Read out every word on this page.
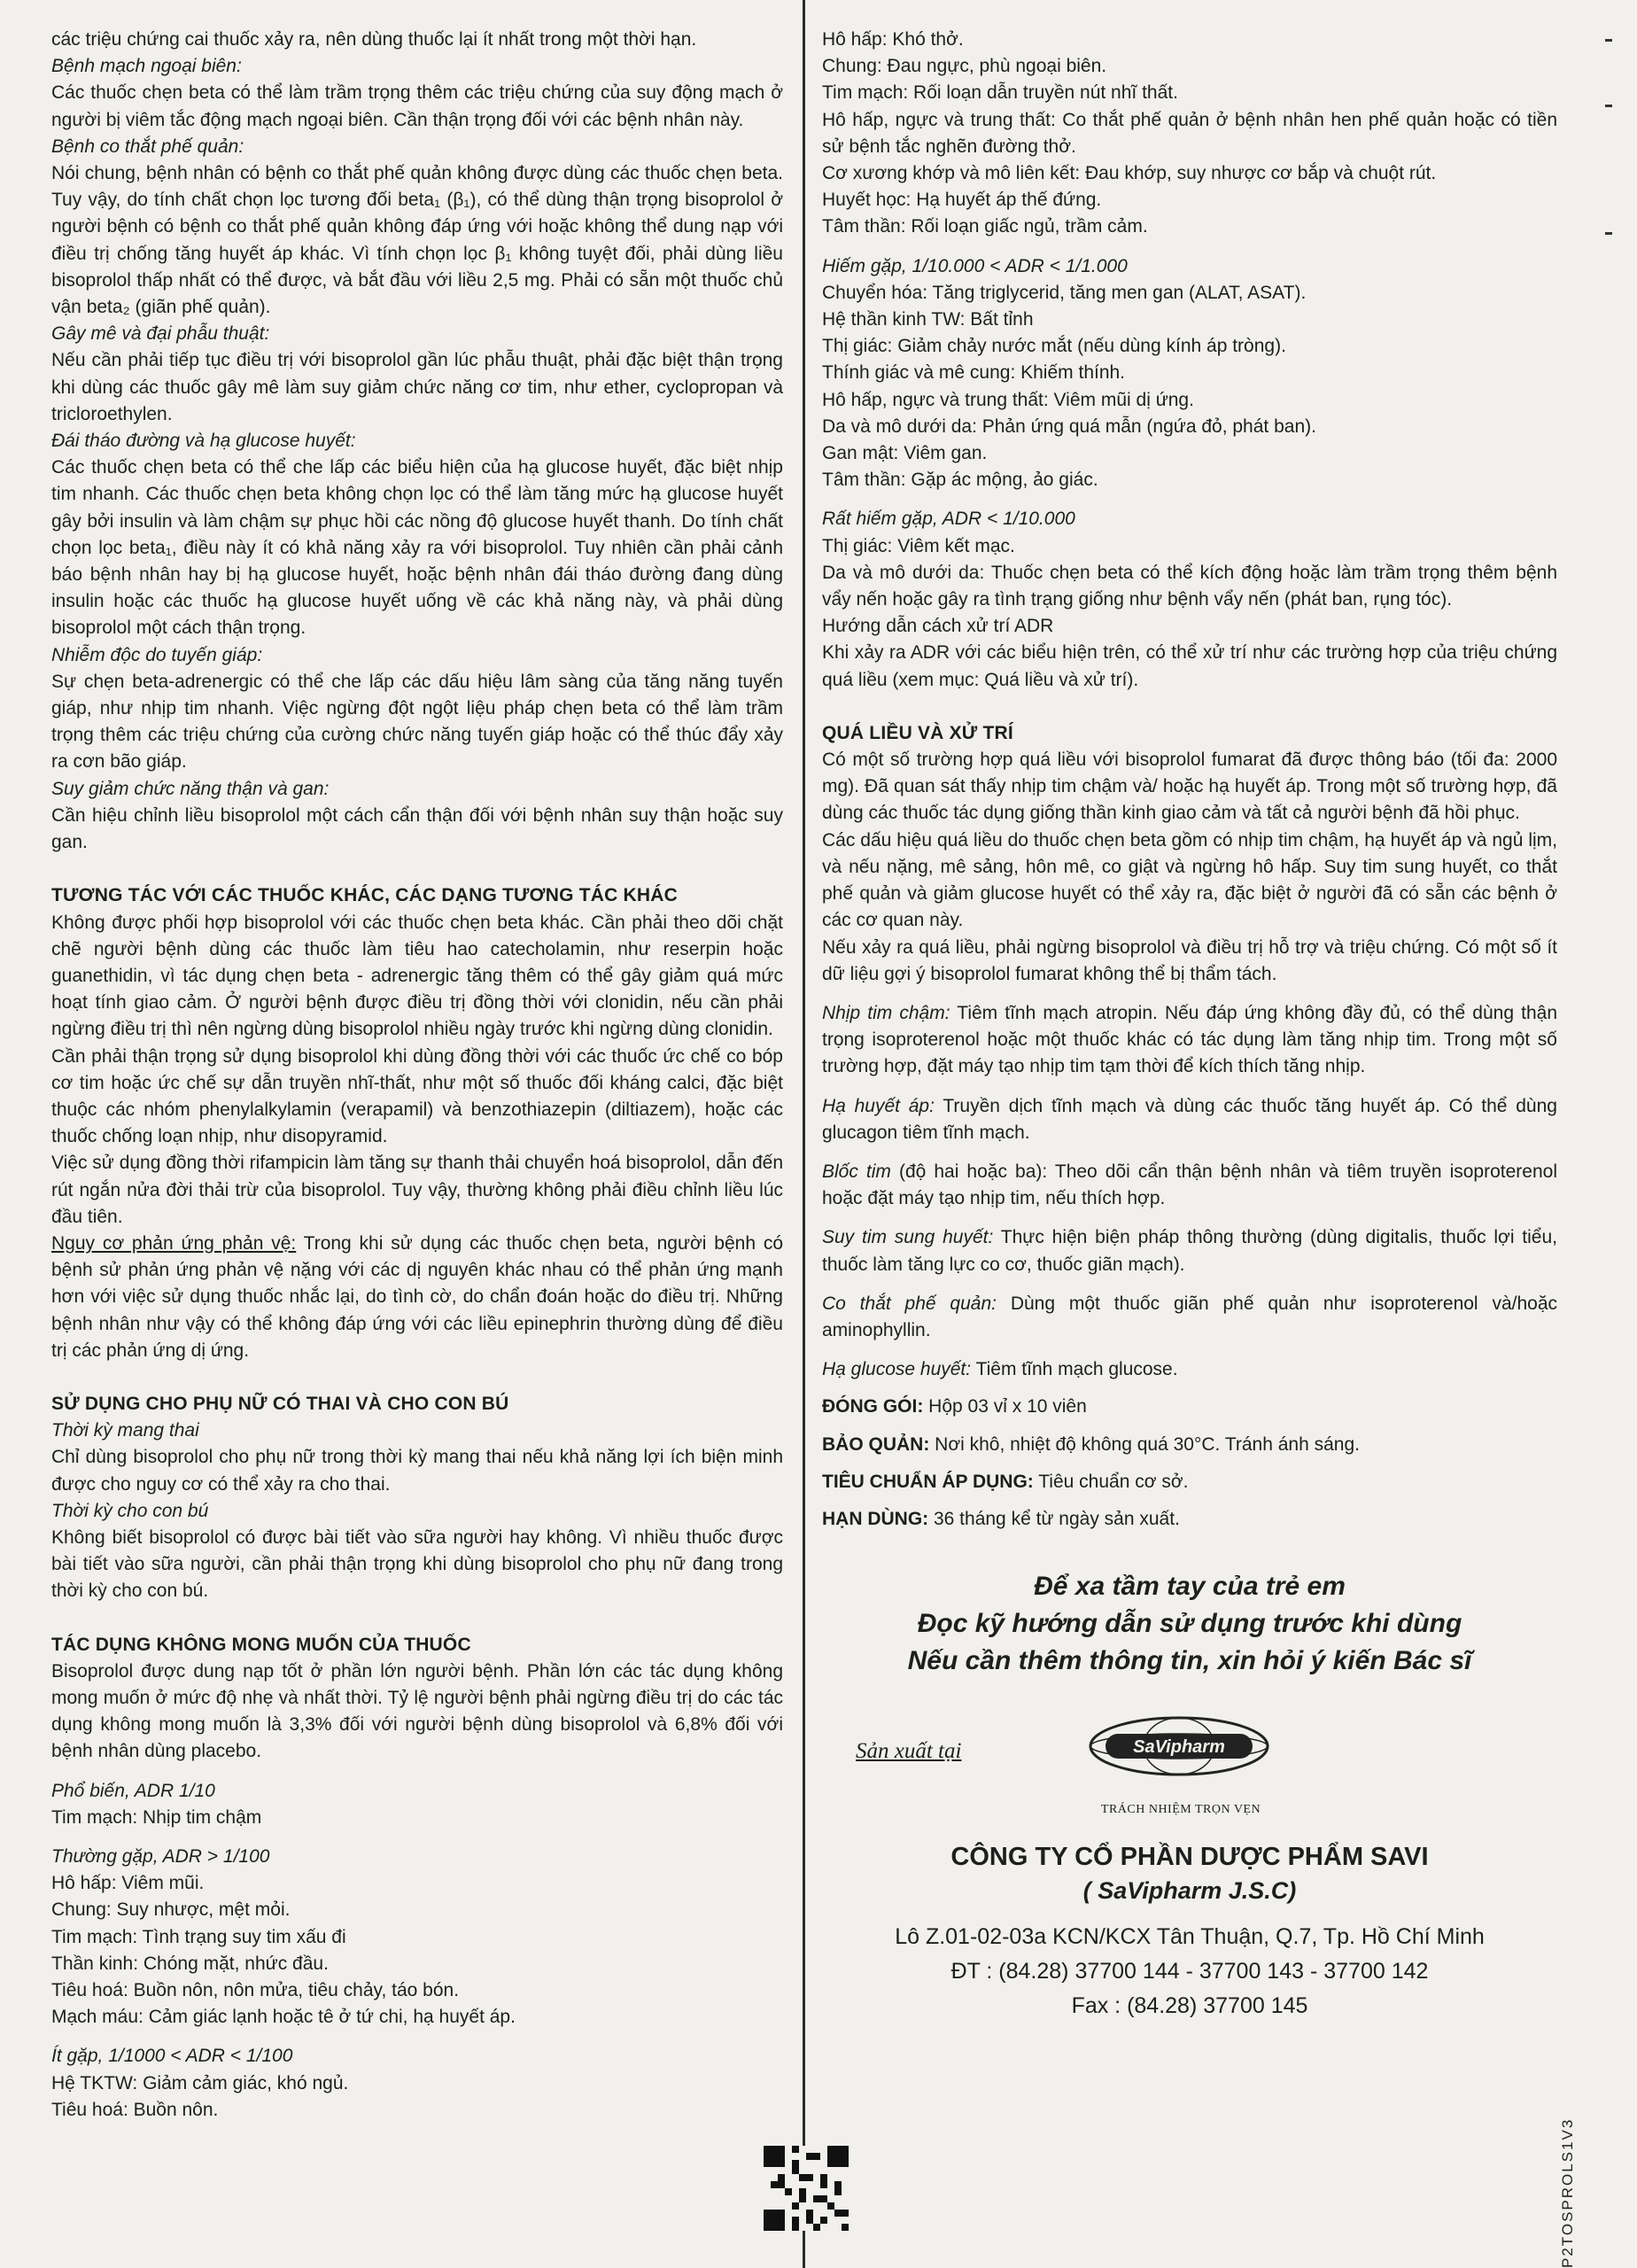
các triệu chứng cai thuốc xảy ra, nên dùng thuốc lại ít nhất trong một thời hạn.

Bệnh mạch ngoại biên:

Các thuốc chẹn beta có thể làm trầm trọng thêm các triệu chứng của suy động mạch ở người bị viêm tắc động mạch ngoại biên. Cần thận trọng đối với các bệnh nhân này.

Bệnh co thắt phế quản:

Nói chung, bệnh nhân có bệnh co thắt phế quản không được dùng các thuốc chẹn beta. Tuy vậy, do tính chất chọn lọc tương đối beta₁ (β₁), có thể dùng thận trọng bisoprolol ở người bệnh có bệnh co thắt phế quản không đáp ứng với hoặc không thể dung nạp với điều trị chống tăng huyết áp khác. Vì tính chọn lọc β₁ không tuyệt đối, phải dùng liều bisoprolol thấp nhất có thể được, và bắt đầu với liều 2,5 mg. Phải có sẵn một thuốc chủ vận beta₂ (giãn phế quản).

Gây mê và đại phẫu thuật:

Nếu cần phải tiếp tục điều trị với bisoprolol gần lúc phẫu thuật, phải đặc biệt thận trọng khi dùng các thuốc gây mê làm suy giảm chức năng cơ tim, như ether, cyclopropan và tricloroethylen.

Đái tháo đường và hạ glucose huyết:

Các thuốc chẹn beta có thể che lấp các biểu hiện của hạ glucose huyết, đặc biệt nhịp tim nhanh. Các thuốc chẹn beta không chọn lọc có thể làm tăng mức hạ glucose huyết gây bởi insulin và làm chậm sự phục hồi các nồng độ glucose huyết thanh. Do tính chất chọn lọc beta₁, điều này ít có khả năng xảy ra với bisoprolol. Tuy nhiên cần phải cảnh báo bệnh nhân hay bị hạ glucose huyết, hoặc bệnh nhân đái tháo đường đang dùng insulin hoặc các thuốc hạ glucose huyết uống về các khả năng này, và phải dùng bisoprolol một cách thận trọng.

Nhiễm độc do tuyến giáp:

Sự chẹn beta-adrenergic có thể che lấp các dấu hiệu lâm sàng của tăng năng tuyến giáp, như nhịp tim nhanh. Việc ngừng đột ngột liệu pháp chẹn beta có thể làm trầm trọng thêm các triệu chứng của cường chức năng tuyến giáp hoặc có thể thúc đẩy xảy ra cơn bão giáp.

Suy giảm chức năng thận và gan:

Cần hiệu chỉnh liều bisoprolol một cách cẩn thận đối với bệnh nhân suy thận hoặc suy gan.

TƯƠNG TÁC VỚI CÁC THUỐC KHÁC, CÁC DẠNG TƯƠNG TÁC KHÁC

Không được phối hợp bisoprolol với các thuốc chẹn beta khác. Cần phải theo dõi chặt chẽ người bệnh dùng các thuốc làm tiêu hao catecholamin, như reserpin hoặc guanethidin, vì tác dụng chẹn beta - adrenergic tăng thêm có thể gây giảm quá mức hoạt tính giao cảm. Ở người bệnh được điều trị đồng thời với clonidin, nếu cần phải ngừng điều trị thì nên ngừng dùng bisoprolol nhiều ngày trước khi ngừng dùng clonidin.

Cần phải thận trọng sử dụng bisoprolol khi dùng đồng thời với các thuốc ức chế co bóp cơ tim hoặc ức chế sự dẫn truyền nhĩ-thất, như một số thuốc đối kháng calci, đặc biệt thuộc các nhóm phenylalkylamin (verapamil) và benzothiazepin (diltiazem), hoặc các thuốc chống loạn nhịp, như disopyramid.

Việc sử dụng đồng thời rifampicin làm tăng sự thanh thải chuyển hoá bisoprolol, dẫn đến rút ngắn nửa đời thải trừ của bisoprolol. Tuy vậy, thường không phải điều chỉnh liều lúc đầu tiên.

Nguy cơ phản ứng phản vệ: Trong khi sử dụng các thuốc chẹn beta, người bệnh có bệnh sử phản ứng phản vệ nặng với các dị nguyên khác nhau có thể phản ứng mạnh hơn với việc sử dụng thuốc nhắc lại, do tình cờ, do chẩn đoán hoặc do điều trị. Những bệnh nhân như vậy có thể không đáp ứng với các liều epinephrin thường dùng để điều trị các phản ứng dị ứng.

SỬ DỤNG CHO PHỤ NỮ CÓ THAI VÀ CHO CON BÚ

Thời kỳ mang thai

Chỉ dùng bisoprolol cho phụ nữ trong thời kỳ mang thai nếu khả năng lợi ích biện minh được cho nguy cơ có thể xảy ra cho thai.

Thời kỳ cho con bú

Không biết bisoprolol có được bài tiết vào sữa người hay không. Vì nhiều thuốc được bài tiết vào sữa người, cần phải thận trọng khi dùng bisoprolol cho phụ nữ đang trong thời kỳ cho con bú.

TÁC DỤNG KHÔNG MONG MUỐN CỦA THUỐC

Bisoprolol được dung nạp tốt ở phần lớn người bệnh. Phần lớn các tác dụng không mong muốn ở mức độ nhẹ và nhất thời. Tỷ lệ người bệnh phải ngừng điều trị do các tác dụng không mong muốn là 3,3% đối với người bệnh dùng bisoprolol và 6,8% đối với bệnh nhân dùng placebo.

Phổ biến, ADR 1/10

Tim mạch: Nhịp tim chậm

Thường gặp, ADR > 1/100

Hô hấp: Viêm mũi.

Chung: Suy nhược, mệt mỏi.

Tim mạch: Tình trạng suy tim xấu đi

Thần kinh: Chóng mặt, nhức đầu.

Tiêu hoá: Buồn nôn, nôn mửa, tiêu chảy, táo bón.

Mạch máu: Cảm giác lạnh hoặc tê ở tứ chi, hạ huyết áp.

Ít gặp, 1/1000 < ADR < 1/100

Hệ TKTW: Giảm cảm giác, khó ngủ.

Tiêu hoá: Buồn nôn.

Hô hấp: Khó thở.

Chung: Đau ngực, phù ngoại biên.

Tim mạch: Rối loạn dẫn truyền nút nhĩ thất.

Hô hấp, ngực và trung thất: Co thắt phế quản ở bệnh nhân hen phế quản hoặc có tiền sử bệnh tắc nghẽn đường thở.

Cơ xương khớp và mô liên kết: Đau khớp, suy nhược cơ bắp và chuột rút.

Huyết học: Hạ huyết áp thế đứng.

Tâm thần: Rối loạn giấc ngủ, trầm cảm.

Hiếm gặp, 1/10.000 < ADR < 1/1.000

Chuyển hóa: Tăng triglycerid, tăng men gan (ALAT, ASAT).

Hệ thần kinh TW: Bất tỉnh

Thị giác: Giảm chảy nước mắt (nếu dùng kính áp tròng).

Thính giác và mê cung: Khiếm thính.

Hô hấp, ngực và trung thất: Viêm mũi dị ứng.

Da và mô dưới da: Phản ứng quá mẫn (ngứa đỏ, phát ban).

Gan mật: Viêm gan.

Tâm thần: Gặp ác mộng, ảo giác.

Rất hiếm gặp, ADR < 1/10.000

Thị giác: Viêm kết mạc.

Da và mô dưới da: Thuốc chẹn beta có thể kích động hoặc làm trầm trọng thêm bệnh vẩy nến hoặc gây ra tình trạng giống như bệnh vẩy nến (phát ban, rụng tóc).

Hướng dẫn cách xử trí ADR

Khi xảy ra ADR với các biểu hiện trên, có thể xử trí như các trường hợp của triệu chứng quá liều (xem mục: Quá liều và xử trí).

QUÁ LIỀU VÀ XỬ TRÍ

Có một số trường hợp quá liều với bisoprolol fumarat đã được thông báo (tối đa: 2000 mg). Đã quan sát thấy nhịp tim chậm và/ hoặc hạ huyết áp. Trong một số trường hợp, đã dùng các thuốc tác dụng giống thần kinh giao cảm và tất cả người bệnh đã hồi phục.

Các dấu hiệu quá liều do thuốc chẹn beta gồm có nhịp tim chậm, hạ huyết áp và ngủ lịm, và nếu nặng, mê sảng, hôn mê, co giật và ngừng hô hấp. Suy tim sung huyết, co thắt phế quản và giảm glucose huyết có thể xảy ra, đặc biệt ở người đã có sẵn các bệnh ở các cơ quan này.

Nếu xảy ra quá liều, phải ngừng bisoprolol và điều trị hỗ trợ và triệu chứng. Có một số ít dữ liệu gợi ý bisoprolol fumarat không thể bị thẩm tách.

Nhịp tim chậm: Tiêm tĩnh mạch atropin. Nếu đáp ứng không đầy đủ, có thể dùng thận trọng isoproterenol hoặc một thuốc khác có tác dụng làm tăng nhịp tim. Trong một số trường hợp, đặt máy tạo nhịp tim tạm thời để kích thích tăng nhịp.

Hạ huyết áp: Truyền dịch tĩnh mạch và dùng các thuốc tăng huyết áp. Có thể dùng glucagon tiêm tĩnh mạch.

Blốc tim (độ hai hoặc ba): Theo dõi cẩn thận bệnh nhân và tiêm truyền isoproterenol hoặc đặt máy tạo nhịp tim, nếu thích hợp.

Suy tim sung huyết: Thực hiện biện pháp thông thường (dùng digitalis, thuốc lợi tiểu, thuốc làm tăng lực co cơ, thuốc giãn mạch).

Co thắt phế quản: Dùng một thuốc giãn phế quản như isoproterenol và/hoặc aminophyllin.

Hạ glucose huyết: Tiêm tĩnh mạch glucose.

ĐÓNG GÓI: Hộp 03 vỉ x 10 viên

BẢO QUẢN: Nơi khô, nhiệt độ không quá 30°C. Tránh ánh sáng.

TIÊU CHUẨN ÁP DỤNG: Tiêu chuẩn cơ sở.

HẠN DÙNG: 36 tháng kể từ ngày sản xuất.

Để xa tầm tay của trẻ em
Đọc kỹ hướng dẫn sử dụng trước khi dùng
Nếu cần thêm thông tin, xin hỏi ý kiến Bác sĩ
Sản xuất tại	SaVipharm
TRÁCH NHIỆM TRỌN VẸN
CÔNG TY CỔ PHẦN DƯỢC PHẨM SAVI
( SaVipharm J.S.C)
Lô Z.01-02-03a KCN/KCX Tân Thuận, Q.7, Tp. Hồ Chí Minh
ĐT : (84.28) 37700 144 - 37700 143 - 37700 142
Fax : (84.28) 37700 145
P2TOSPROLS1V3
